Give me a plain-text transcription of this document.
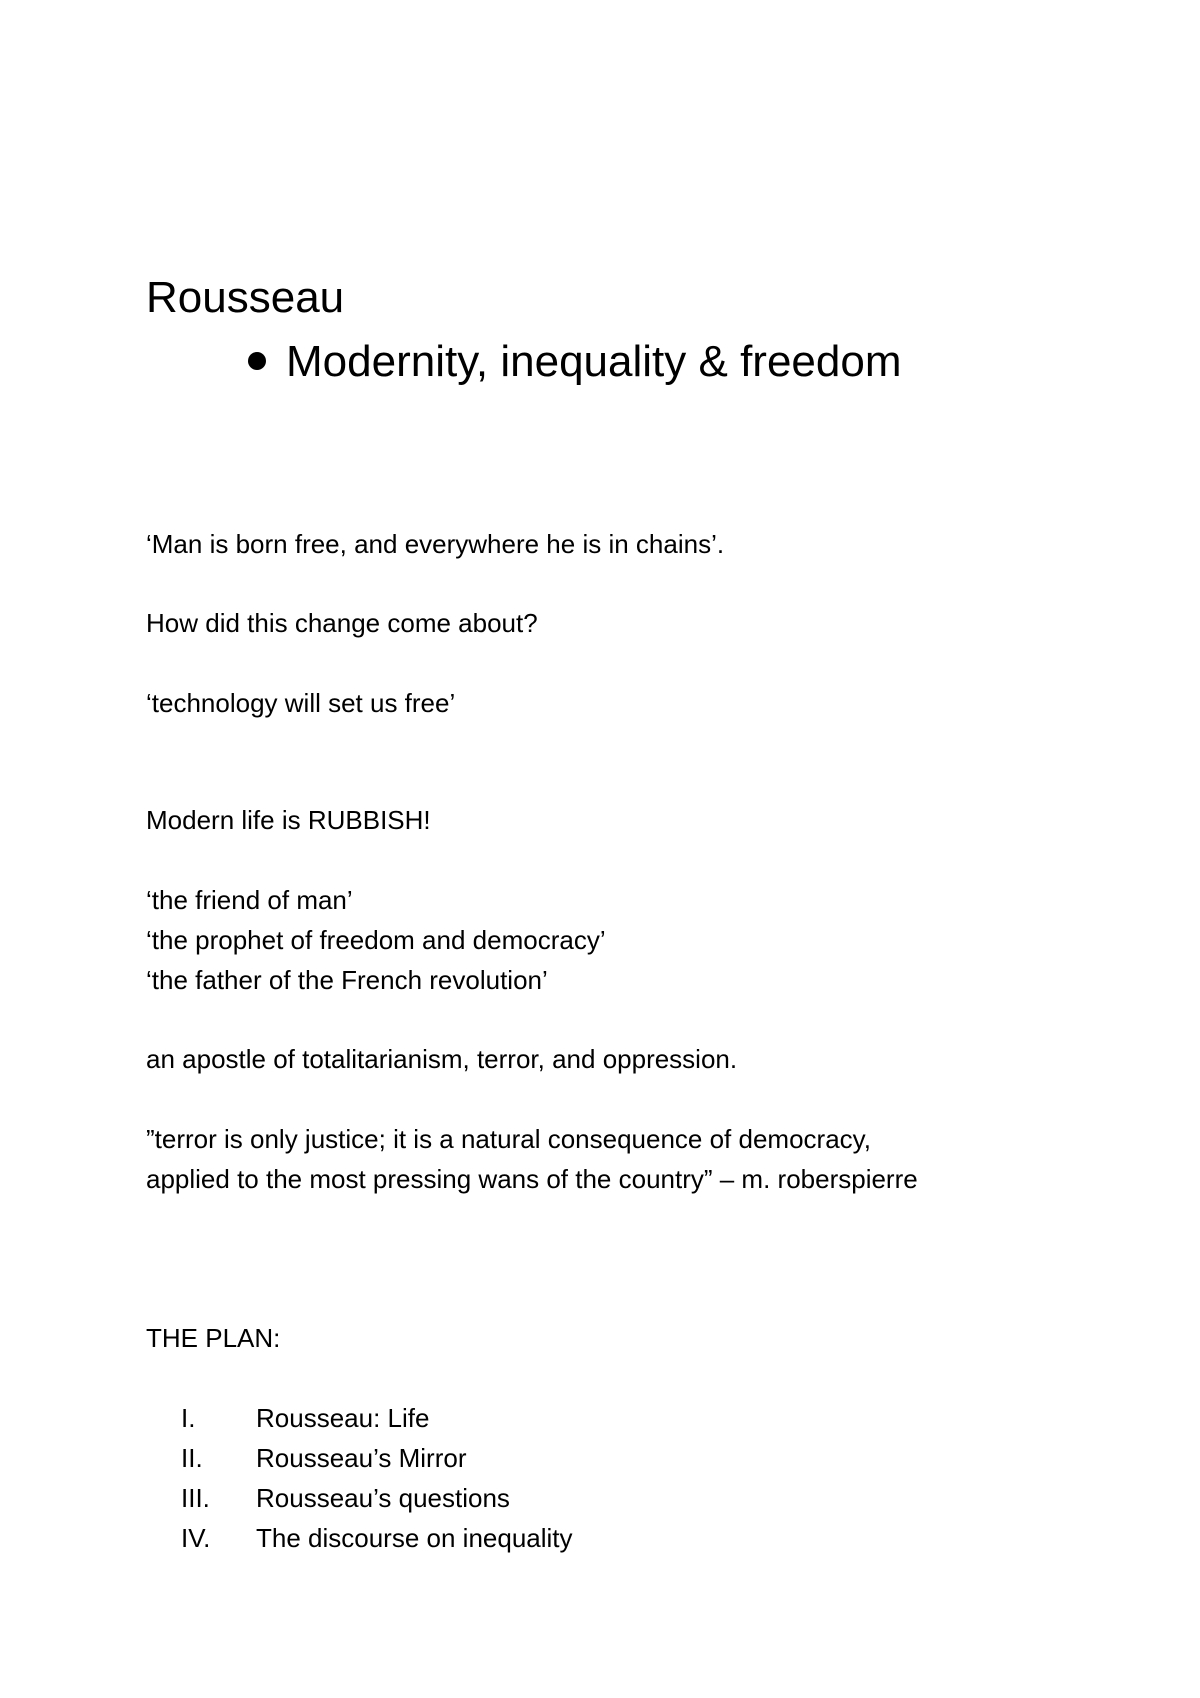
Rousseau
Modernity, inequality & freedom
‘Man is born free, and everywhere he is in chains’.
How did this change come about?
‘technology will set us free’
Modern life is RUBBISH!
‘the friend of man’
‘the prophet of freedom and democracy’
‘the father of the French revolution’
an apostle of totalitarianism, terror, and oppression.
”terror is only justice; it is a natural consequence of democracy,
applied to the most pressing wans of the country” – m. roberspierre
THE PLAN:
I.	Rousseau: Life
II.	Rousseau’s Mirror
III.	Rousseau’s questions
IV.	The discourse on inequality
